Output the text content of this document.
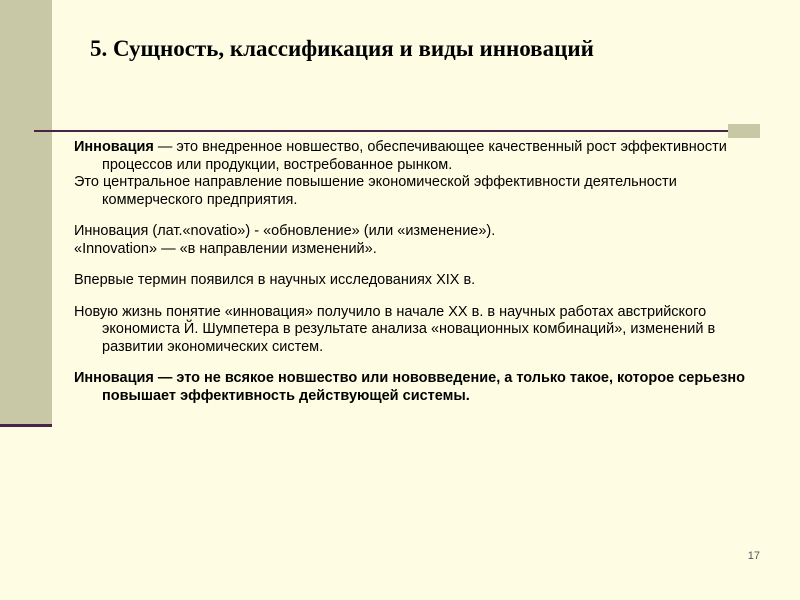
5. Сущность, классификация и виды инноваций

Инновация — это внедренное новшество, обеспечивающее качественный рост эффективности процессов или продукции, востребованное рынком.

Это центральное направление повышение экономической эффективности деятельности коммерческого предприятия.

Инновация (лат.«novatio») - «обновление» (или «изменение»).

«Innovation» — «в направлении изменений».

Впервые термин появился в научных исследованиях XIX в.

Новую жизнь понятие «инновация» получило в начале XX в. в научных работах австрийского экономиста Й. Шумпетера в результате анализа «новационных комбинаций», изменений в развитии экономических систем.

Инновация — это не всякое новшество или нововведение, а только такое, которое серьезно повышает эффективность действующей системы.

17
